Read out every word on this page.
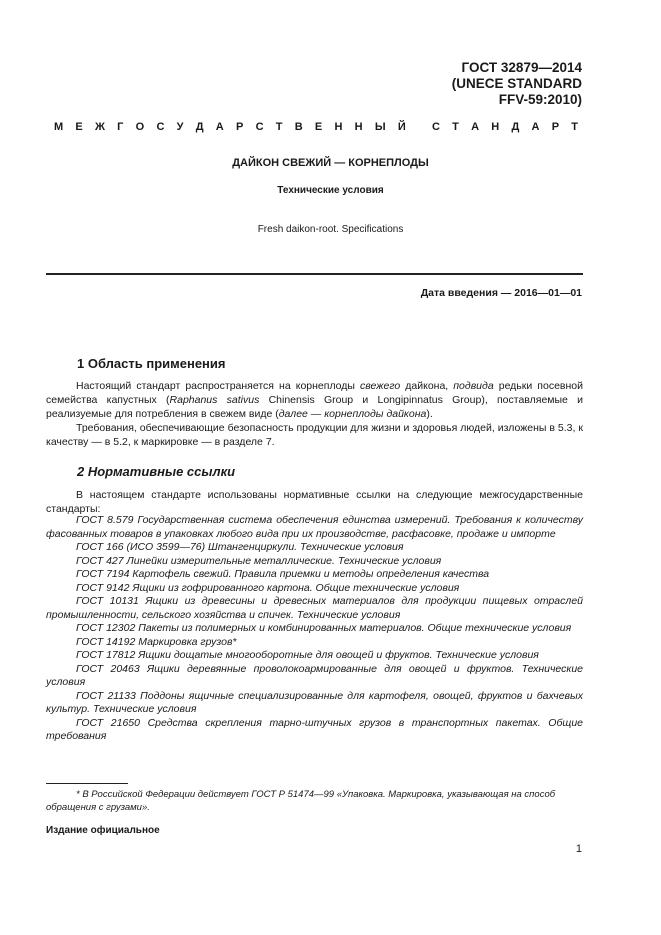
ГОСТ 32879—2014
(UNECE STANDARD
FFV-59:2010)
М Е Ж Г О С У Д А Р С Т В Е Н Н Ы Й С Т А Н Д А Р Т
ДАЙКОН СВЕЖИЙ — КОРНЕПЛОДЫ
Технические условия
Fresh daikon-root. Specifications
Дата введения — 2016—01—01
1 Область применения
Настоящий стандарт распространяется на корнеплоды свежего дайкона, подвида редьки посевной семейства капустных (Raphanus sativus Chinensis Group и Longipinnatus Group), поставляемые и реализуемые для потребления в свежем виде (далее — корнеплоды дайкона).
Требования, обеспечивающие безопасность продукции для жизни и здоровья людей, изложены в 5.3, к качеству — в 5.2, к маркировке — в разделе 7.
2 Нормативные ссылки
В настоящем стандарте использованы нормативные ссылки на следующие межгосударственные стандарты:
ГОСТ 8.579 Государственная система обеспечения единства измерений. Требования к количеству фасованных товаров в упаковках любого вида при их производстве, расфасовке, продаже и импорте
ГОСТ 166 (ИСО 3599—76) Штангенциркули. Технические условия
ГОСТ 427 Линейки измерительные металлические. Технические условия
ГОСТ 7194 Картофель свежий. Правила приемки и методы определения качества
ГОСТ 9142 Ящики из гофрированного картона. Общие технические условия
ГОСТ 10131 Ящики из древесины и древесных материалов для продукции пищевых отраслей промышленности, сельского хозяйства и спичек. Технические условия
ГОСТ 12302 Пакеты из полимерных и комбинированных материалов. Общие технические условия
ГОСТ 14192 Маркировка грузов*
ГОСТ 17812 Ящики дощатые многооборотные для овощей и фруктов. Технические условия
ГОСТ 20463 Ящики деревянные проволокоармированные для овощей и фруктов. Технические условия
ГОСТ 21133 Поддоны ящичные специализированные для картофеля, овощей, фруктов и бахчевых культур. Технические условия
ГОСТ 21650 Средства скрепления тарно-штучных грузов в транспортных пакетах. Общие требования
* В Российской Федерации действует ГОСТ Р 51474—99 «Упаковка. Маркировка, указывающая на способ обращения с грузами».
Издание официальное
1
